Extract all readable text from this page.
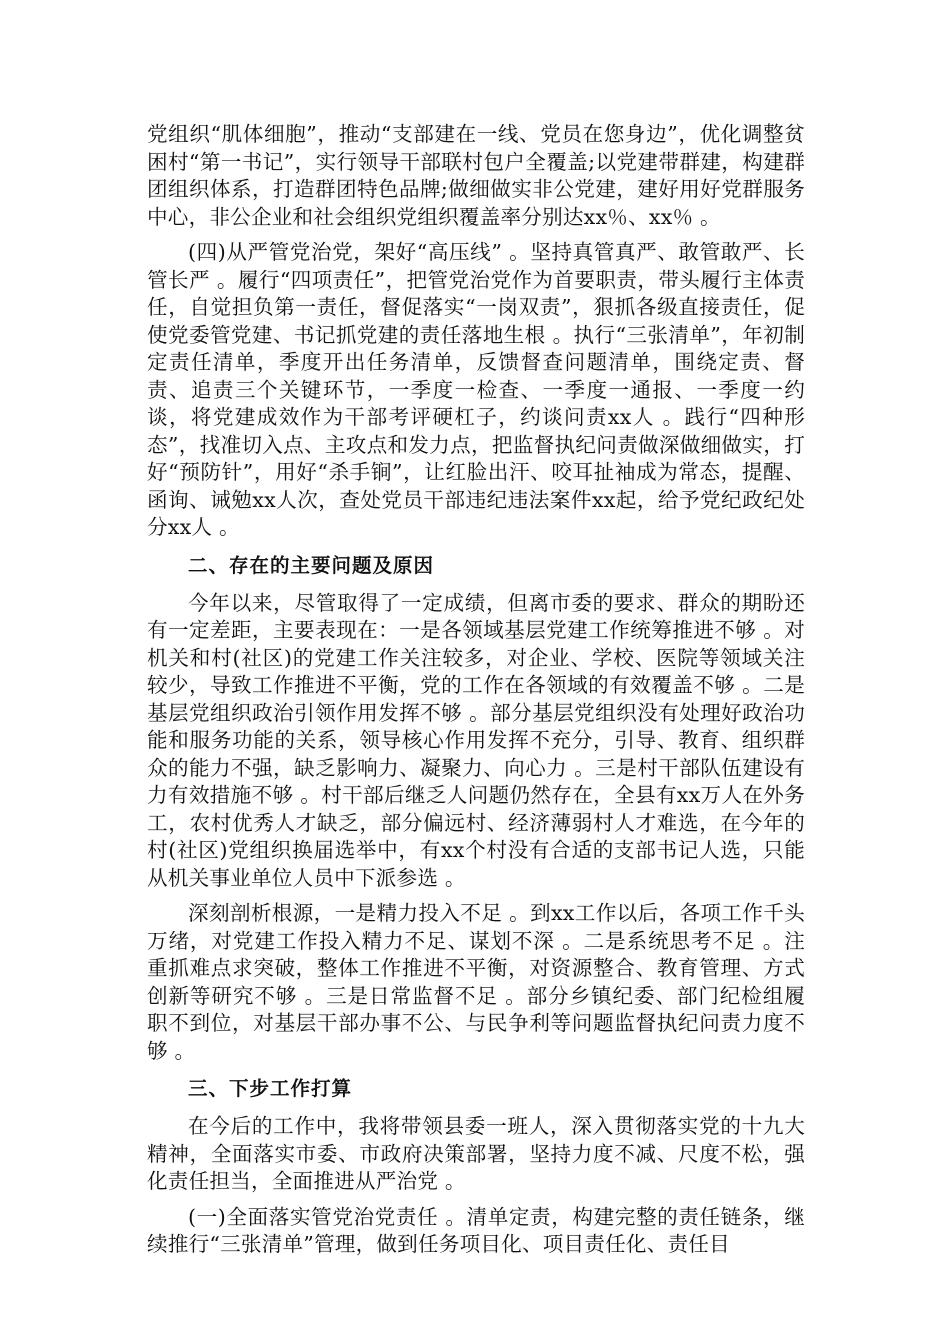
党组织“肌体细胞”，推动“支部建在一线、党员在您身边”，优化调整贫困村“第一书记”，实行领导干部联村包户全覆盖;以党建带群建，构建群团组织体系，打造群团特色品牌;做细做实非公党建，建好用好党群服务中心，非公企业和社会组织党组织覆盖率分别达xx％、xx％ 。

(四)从严管党治党，架好“高压线” 。坚持真管真严、敢管敢严、长管长严 。履行“四项责任”，把管党治党作为首要职责，带头履行主体责任，自觉担负第一责任，督促落实“一岗双责”，狠抓各级直接责任，促使党委管党建、书记抓党建的责任落地生根 。执行“三张清单”，年初制定责任清单，季度开出任务清单，反馈督查问题清单，围绕定责、督责、追责三个关键环节，一季度一检查、一季度一通报、一季度一约谈，将党建成效作为干部考评硬杠子，约谈问责xx人 。践行“四种形态”，找准切入点、主攻点和发力点，把监督执纪问责做深做细做实，打好“预防针”，用好“杀手锏”，让红脸出汗、咬耳扯袖成为常态，提醒、函询、诫勉xx人次，查处党员干部违纪违法案件xx起，给予党纪政纪处分xx人 。

二、存在的主要问题及原因

今年以来，尽管取得了一定成绩，但离市委的要求、群众的期盼还有一定差距，主要表现在：一是各领域基层党建工作统筹推进不够 。对机关和村(社区)的党建工作关注较多，对企业、学校、医院等领域关注较少，导致工作推进不平衡，党的工作在各领域的有效覆盖不够 。二是基层党组织政治引领作用发挥不够 。部分基层党组织没有处理好政治功能和服务功能的关系，领导核心作用发挥不充分，引导、教育、组织群众的能力不强，缺乏影响力、凝聚力、向心力 。三是村干部队伍建设有力有效措施不够 。村干部后继乏人问题仍然存在，全县有xx万人在外务工，农村优秀人才缺乏，部分偏远村、经济薄弱村人才难选，在今年的村(社区)党组织换届选举中，有xx个村没有合适的支部书记人选，只能从机关事业单位人员中下派参选 。

深刻剖析根源，一是精力投入不足 。到xx工作以后，各项工作千头万绪，对党建工作投入精力不足、谋划不深 。二是系统思考不足 。注重抓难点求突破，整体工作推进不平衡，对资源整合、教育管理、方式创新等研究不够 。三是日常监督不足 。部分乡镇纪委、部门纪检组履职不到位，对基层干部办事不公、与民争利等问题监督执纪问责力度不够 。

三、下步工作打算

在今后的工作中，我将带领县委一班人，深入贯彻落实党的十九大精神，全面落实市委、市政府决策部署，坚持力度不减、尺度不松，强化责任担当，全面推进从严治党 。

(一)全面落实管党治党责任 。清单定责，构建完整的责任链条，继续推行“三张清单”管理，做到任务项目化、项目责任化、责任目
